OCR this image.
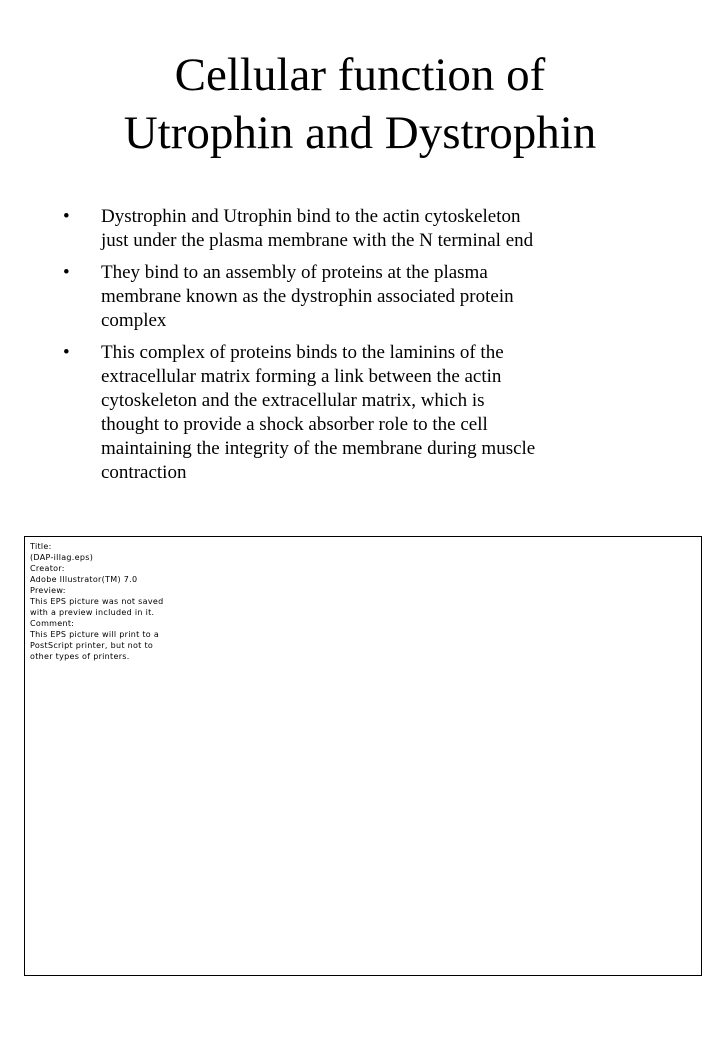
Cellular function of
Utrophin and Dystrophin
• Dystrophin and Utrophin bind to the actin cytoskeleton
just under the plasma membrane with the N terminal end
• They bind to an assembly of proteins at the plasma
membrane known as the dystrophin associated protein
complex
• This complex of proteins binds to the laminins of the
extracellular matrix forming a link between the actin
cytoskeleton and the extracellular matrix, which is
thought to provide a shock absorber role to the cell
maintaining the integrity of the membrane during muscle
contraction
Title:
(DAP-illag.eps)
Creator:
Adobe Illustrator(TM) 7.0
Preview:
This EPS picture was not saved
with a preview included in it.
Comment:
This EPS picture will print to a
PostScript printer, but not to
other types of printers.
